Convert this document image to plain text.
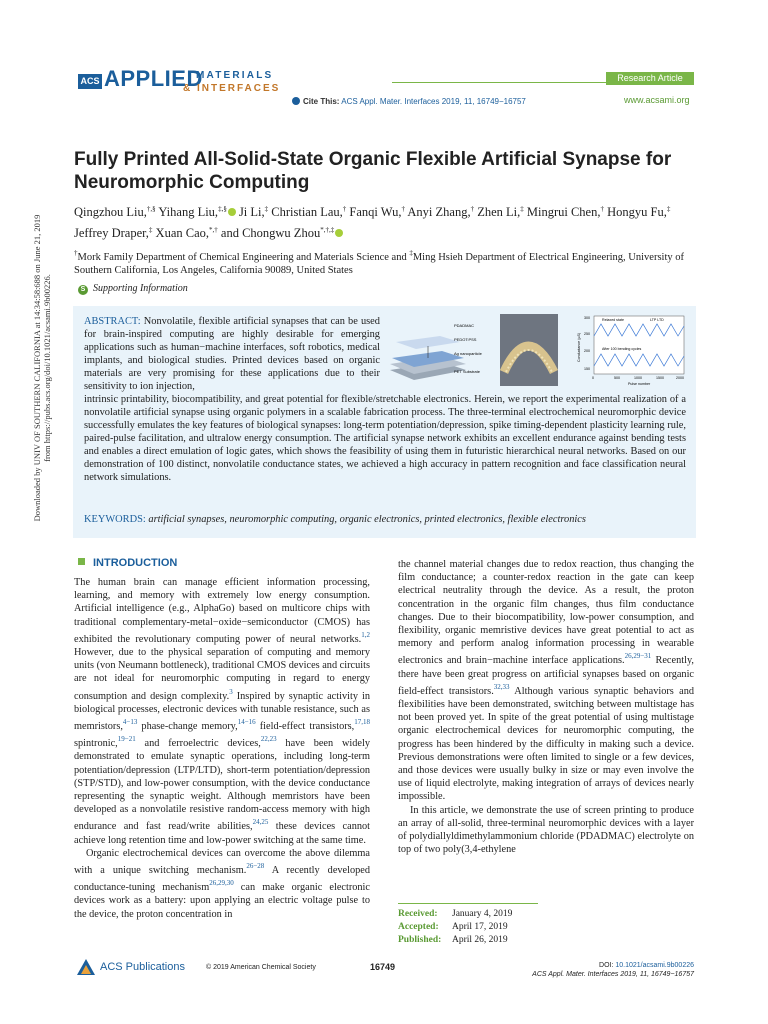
ACS APPLIED
MATERIALS
& INTERFACES
Research Article
Cite This: ACS Appl. Mater. Interfaces 2019, 11, 16749−16757	www.acsami.org
Fully Printed All-Solid-State Organic Flexible Artificial Synapse for Neuromorphic Computing
Qingzhou Liu,†,§ Yihang Liu,‡,§ Ji Li,‡ Christian Lau,† Fanqi Wu,† Anyi Zhang,† Zhen Li,‡ Mingrui Chen,† Hongyu Fu,‡ Jeffrey Draper,‡ Xuan Cao,*,† and Chongwu Zhou*,†,‡
†Mork Family Department of Chemical Engineering and Materials Science and ‡Ming Hsieh Department of Electrical Engineering, University of Southern California, Los Angeles, California 90089, United States
S Supporting Information
ABSTRACT: Nonvolatile, flexible artificial synapses that can be used for brain-inspired computing are highly desirable for emerging applications such as human−machine interfaces, soft robotics, medical implants, and biological studies. Printed devices based on organic materials are very promising for these applications due to their sensitivity to ion injection,
intrinsic printability, biocompatibility, and great potential for flexible/stretchable electronics. Herein, we report the experimental realization of a nonvolatile artificial synapse using organic polymers in a scalable fabrication process. The three-terminal electrochemical neuromorphic device successfully emulates the key features of biological synapses: long-term potentiation/depression, spike timing-dependent plasticity learning rule, paired-pulse facilitation, and ultralow energy consumption. The artificial synapse network exhibits an excellent endurance against bending tests and enables a direct emulation of logic gates, which shows the feasibility of using them in futuristic hierarchical neural networks. Based on our demonstration of 100 distinct, nonvolatile conductance states, we achieved a high accuracy in pattern recognition and face classification neural network simulations.
KEYWORDS: artificial synapses, neuromorphic computing, organic electronics, printed electronics, flexible electronics
PDADMAC
PEDOT:PSS
Ag nanoparticle
PET Substrate
Relaxed state	LTP LTD
After 100 bending cycles
300
250
200
150
0	500	1000	1500	2000
Pulse number
Conductance (µS)
INTRODUCTION
The human brain can manage efficient information processing, learning, and memory with extremely low energy consumption. Artificial intelligence (e.g., AlphaGo) based on multicore chips with traditional complementary-metal−oxide−semiconductor (CMOS) has exhibited the revolutionary computing power of neural networks.$^{1,2}$ However, due to the physical separation of computing and memory units (von Neumann bottleneck), traditional CMOS devices and circuits are not ideal for neuromorphic computing in regard to energy consumption and design complexity.$^3$ Inspired by synaptic activity in biological processes, electronic devices with tunable resistance, such as memristors,$^{4-13}$ phase-change memory,$^{14-16}$ field-effect transistors,$^{17,18}$ spintronic,$^{19-21}$ and ferroelectric devices,$^{22,23}$ have been widely demonstrated to emulate synaptic operations, including long-term potentiation/depression (LTP/LTD), short-term potentiation/depression (STP/STD), and low-power consumption, with the device conductance representing the synaptic weight. Although memristors have been developed as a nonvolatile resistive random-access memory with high endurance and fast read/write abilities,$^{24,25}$ these devices cannot achieve long retention time and low-power switching at the same time.
Organic electrochemical devices can overcome the above dilemma with a unique switching mechanism.$^{26-28}$ A recently developed conductance-tuning mechanism$^{26,29,30}$ can make organic electronic devices work as a battery: upon applying an electric voltage pulse to the device, the proton concentration in
the channel material changes due to redox reaction, thus changing the film conductance; a counter-redox reaction in the gate can keep electrical neutrality through the device. As a result, the proton concentration in the organic film changes, thus film conductance changes. Due to their biocompatibility, low-power consumption, and flexibility, organic memristive devices have great potential to act as memory and perform analog information processing in wearable electronics and brain−machine interface applications.$^{26,29-31}$ Recently, there have been great progress on artificial synapses based on organic field-effect transistors.$^{32,33}$ Although various synaptic behaviors and flexibilities have been demonstrated, switching between multistage has not been proved yet. In spite of the great potential of using multistage organic electrochemical devices for neuromorphic computing, the progress has been hindered by the difficulty in making such a device. Previous demonstrations were often limited to single or a few devices, and those devices were usually bulky in size or may even involve the use of liquid electrolyte, making integration of arrays of devices nearly impossible.
In this article, we demonstrate the use of screen printing to produce an array of all-solid, three-terminal neuromorphic devices with a layer of polydiallyldimethylammonium chloride (PDADMAC) electrolyte on top of two poly(3,4-ethylene
Received: January 4, 2019
Accepted: April 17, 2019
Published: April 26, 2019
ACS Publications	© 2019 American Chemical Society	16749	DOI: 10.1021/acsami.9b00226
ACS Appl. Mater. Interfaces 2019, 11, 16749−16757
Downloaded by UNIV OF SOUTHERN CALIFORNIA at 14:34:58:688 on June 21, 2019 from https://pubs.acs.org/doi/10.1021/acsami.9b00226.
